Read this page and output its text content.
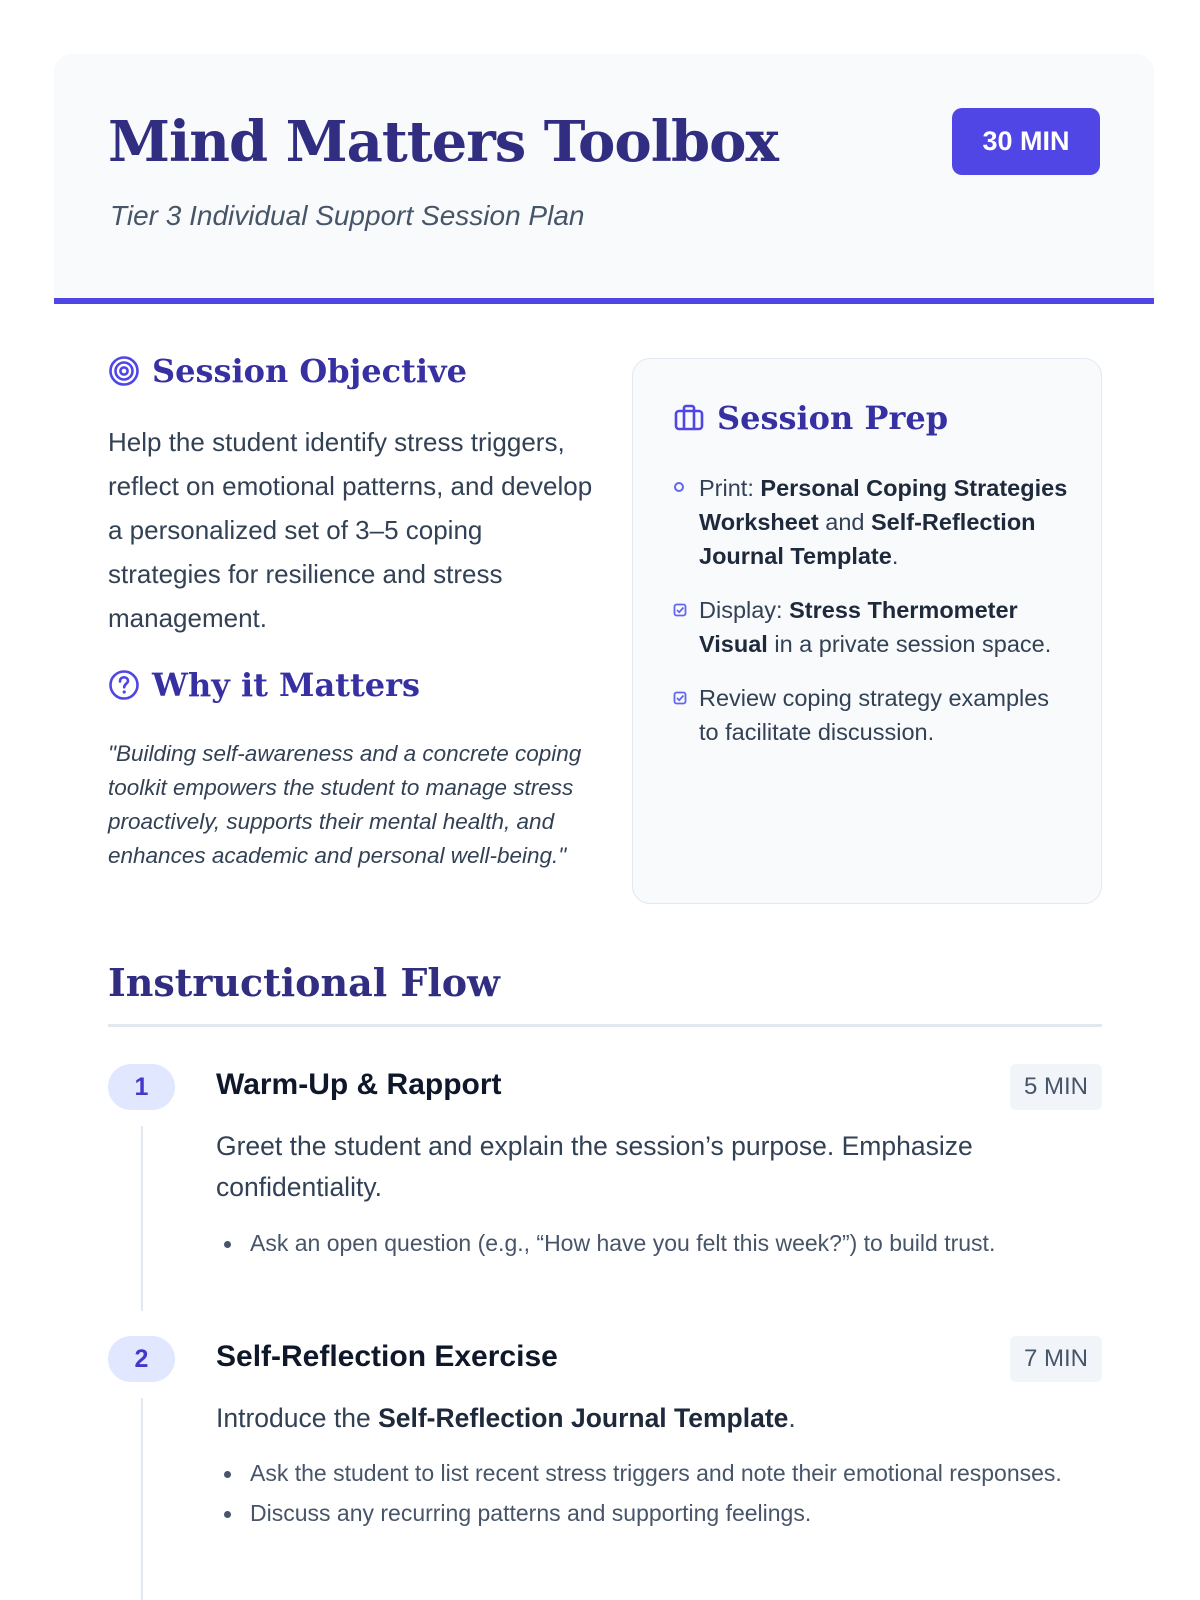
Mind Matters Toolbox
Tier 3 Individual Support Session Plan
30 MIN
Session Objective

Help the student identify stress triggers, reflect on emotional patterns, and develop a personalized set of 3–5 coping strategies for resilience and stress management.

Why it Matters

"Building self-awareness and a concrete coping toolkit empowers the student to manage stress proactively, supports their mental health, and enhances academic and personal well-being."

Session Prep
Print: Personal Coping Strategies Worksheet and Self-Reflection Journal Template.
Display: Stress Thermometer Visual in a private session space.
Review coping strategy examples to facilitate discussion.
Instructional Flow
1	Warm-Up & Rapport	5 MIN
Greet the student and explain the session’s purpose. Emphasize confidentiality.
Ask an open question (e.g., “How have you felt this week?”) to build trust.
2	Self-Reflection Exercise	7 MIN
Introduce the Self-Reflection Journal Template.
Ask the student to list recent stress triggers and note their emotional responses.
Discuss any recurring patterns and supporting feelings.
